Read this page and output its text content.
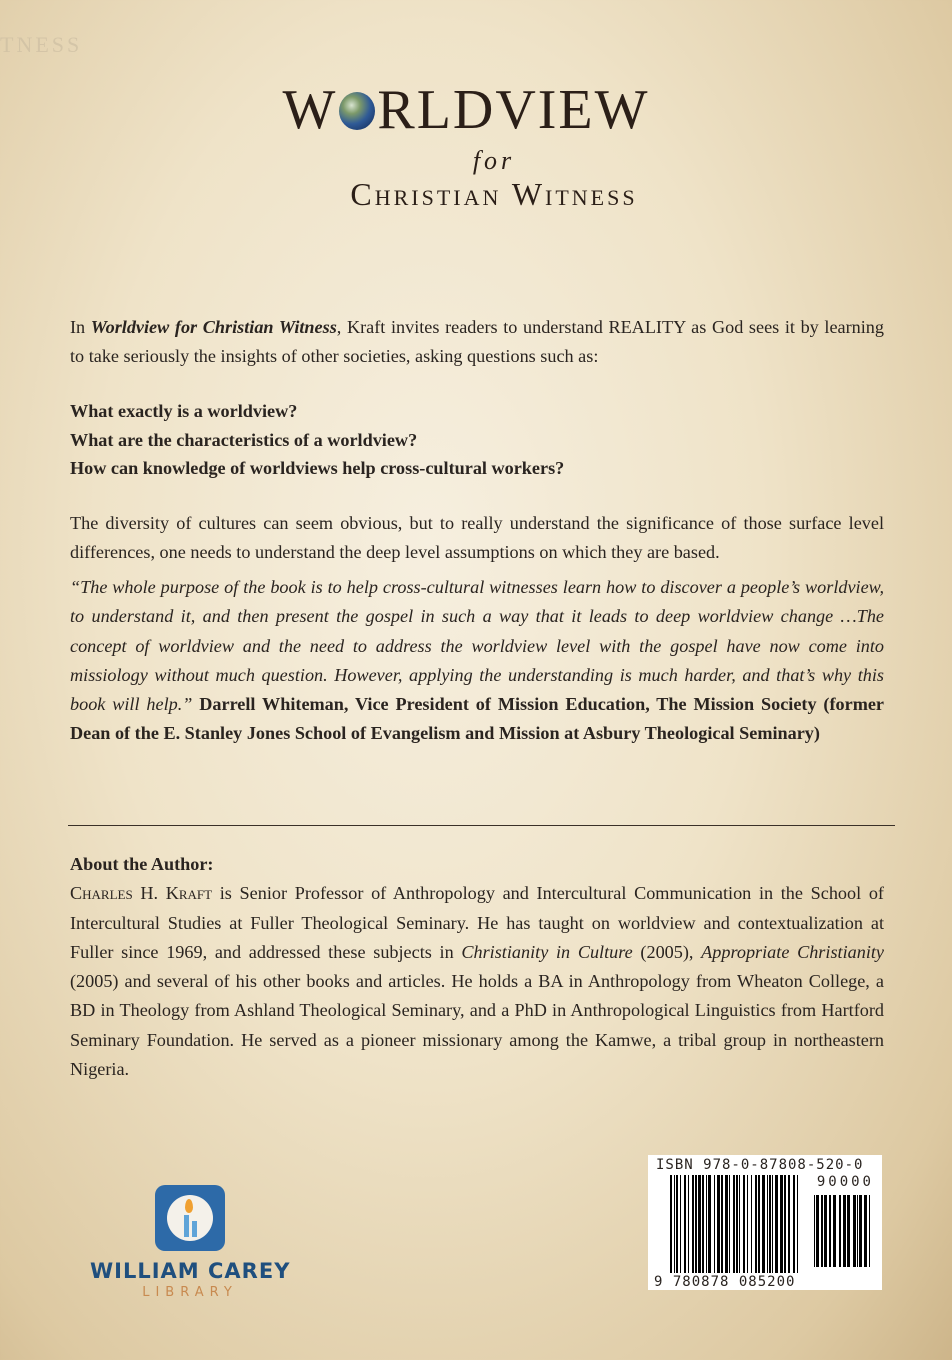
TNESS
W RLDVIEW
for
Christian Witness

In Worldview for Christian Witness, Kraft invites readers to understand REALITY as God sees it by learning to take seriously the insights of other societies, asking questions such as:

What exactly is a worldview?

What are the characteristics of a worldview?

How can knowledge of worldviews help cross-cultural workers?

The diversity of cultures can seem obvious, but to really understand the significance of those surface level differences, one needs to understand the deep level assumptions on which they are based.

“The whole purpose of the book is to help cross-cultural witnesses learn how to discover a people’s worldview, to understand it, and then present the gospel in such a way that it leads to deep worldview change …The concept of worldview and the need to address the worldview level with the gospel have now come into missiology without much question. However, applying the understanding is much harder, and that’s why this book will help.” Darrell Whiteman, Vice President of Mission Education, The Mission Society (former Dean of the E. Stanley Jones School of Evangelism and Mission at Asbury Theological Seminary)

About the Author:

Charles H. Kraft is Senior Professor of Anthropology and Intercultural Communication in the School of Intercultural Studies at Fuller Theological Seminary. He has taught on worldview and contextualization at Fuller since 1969, and addressed these subjects in Christianity in Culture (2005), Appropriate Christianity (2005) and several of his other books and articles. He holds a BA in Anthropology from Wheaton College, a BD in Theology from Ashland Theological Seminary, and a PhD in Anthropological Linguistics from Hartford Seminary Foundation. He served as a pioneer missionary among the Kamwe, a tribal group in northeastern Nigeria.

WILLIAM CAREY
LIBRARY
ISBN 978-0-87808-520-0
90000
9 780878 085200
